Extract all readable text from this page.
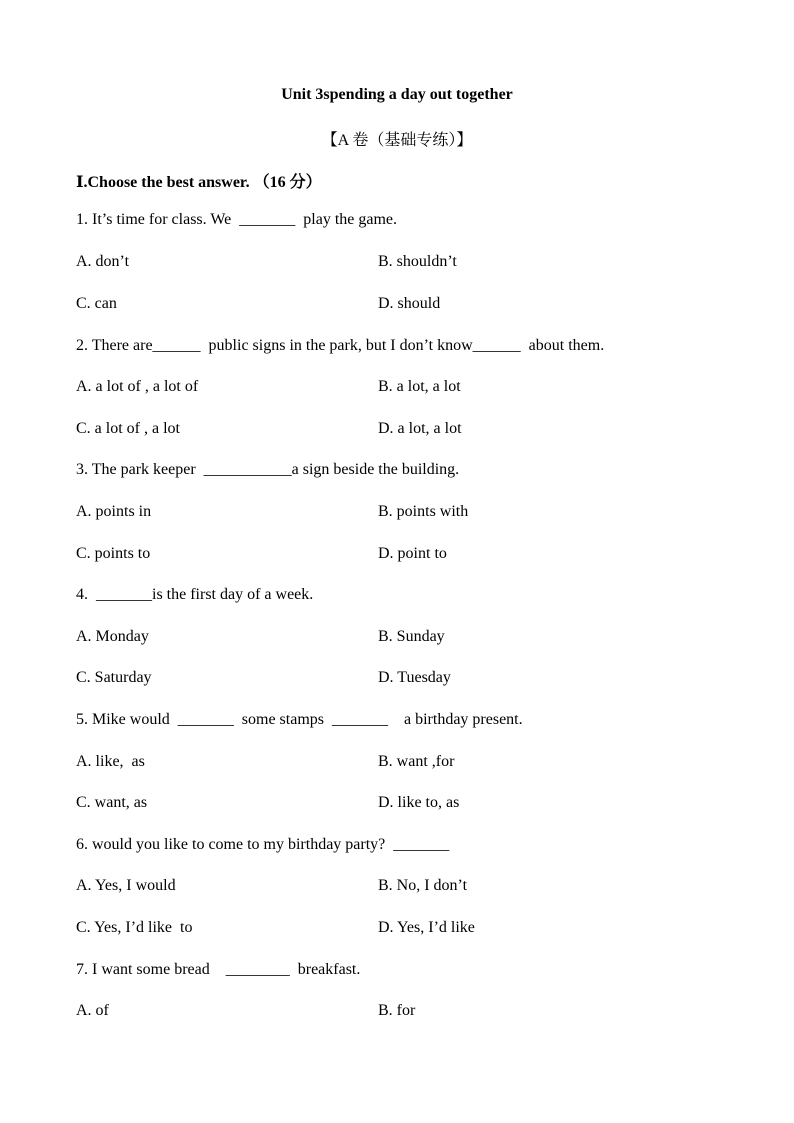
Unit 3spending a day out together
【A 卷（基础专练）】
Ⅰ.Choose the best answer. （16 分）
1. It’s time for class. We  _______  play the game.
A. don’t	B. shouldn’t
C. can	D. should
2. There are______  public signs in the park, but I don’t know______  about them.
A. a lot of , a lot of	B. a lot, a lot
C. a lot of , a lot	D. a lot, a lot
3. The park keeper  ___________a sign beside the building.
A. points in	B. points with
C. points to	D. point to
4.  _______is the first day of a week.
A. Monday	B. Sunday
C. Saturday	D. Tuesday
5. Mike would  _______  some stamps  _______    a birthday present.
A. like,  as	B. want ,for
C. want, as	D. like to, as
6. would you like to come to my birthday party?  _______
A. Yes, I would	B. No, I don’t
C. Yes, I’d like  to	D. Yes, I’d like
7. I want some bread    ________  breakfast.
A. of	B. for
